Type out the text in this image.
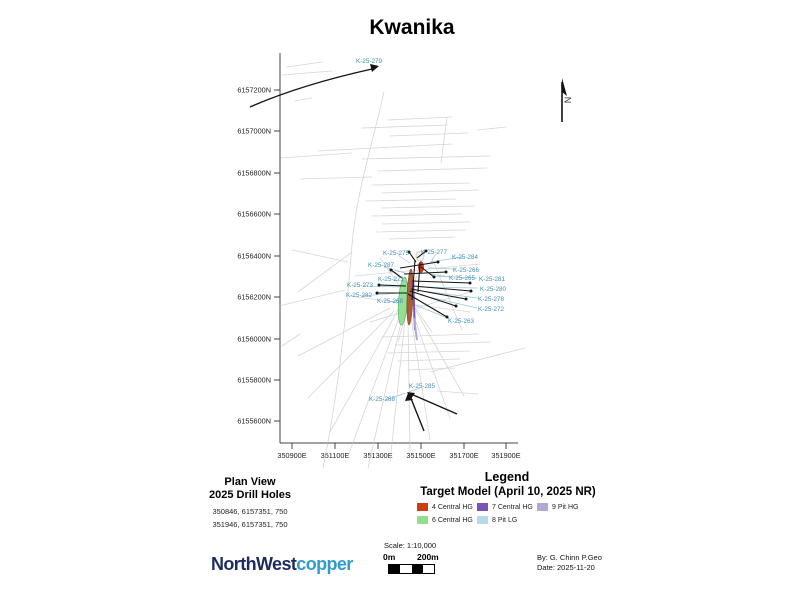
Kwanika
6157200N
6157000N
6156800N
6156600N
6156400N
6156200N
6156000N
6155800N
6155600N
350900E 351100E 351300E 351500E 351700E 351900E
K-25-279
K-25-275 K-25-277
K-25-284
K-25-287
K-25-266
K-25-271	K-25-265 K-25-281
K-25-273
K-25-280
K-25-282
K-25-268	K-25-278
K-25-272
K-25-263
K-25-285
K-25-288
N
Legend
Target Model (April 10, 2025 NR)
4 Central HG	7 Central HG	9 Pit HG
6 Central HG	8 Pit LG
Plan View
2025 Drill Holes
350846, 6157351, 750
351946, 6157351, 750
Scale: 1:10,000
0m	200m	By: G. Chinn P.Geo
Date: 2025-11-20
NorthWestcopper
